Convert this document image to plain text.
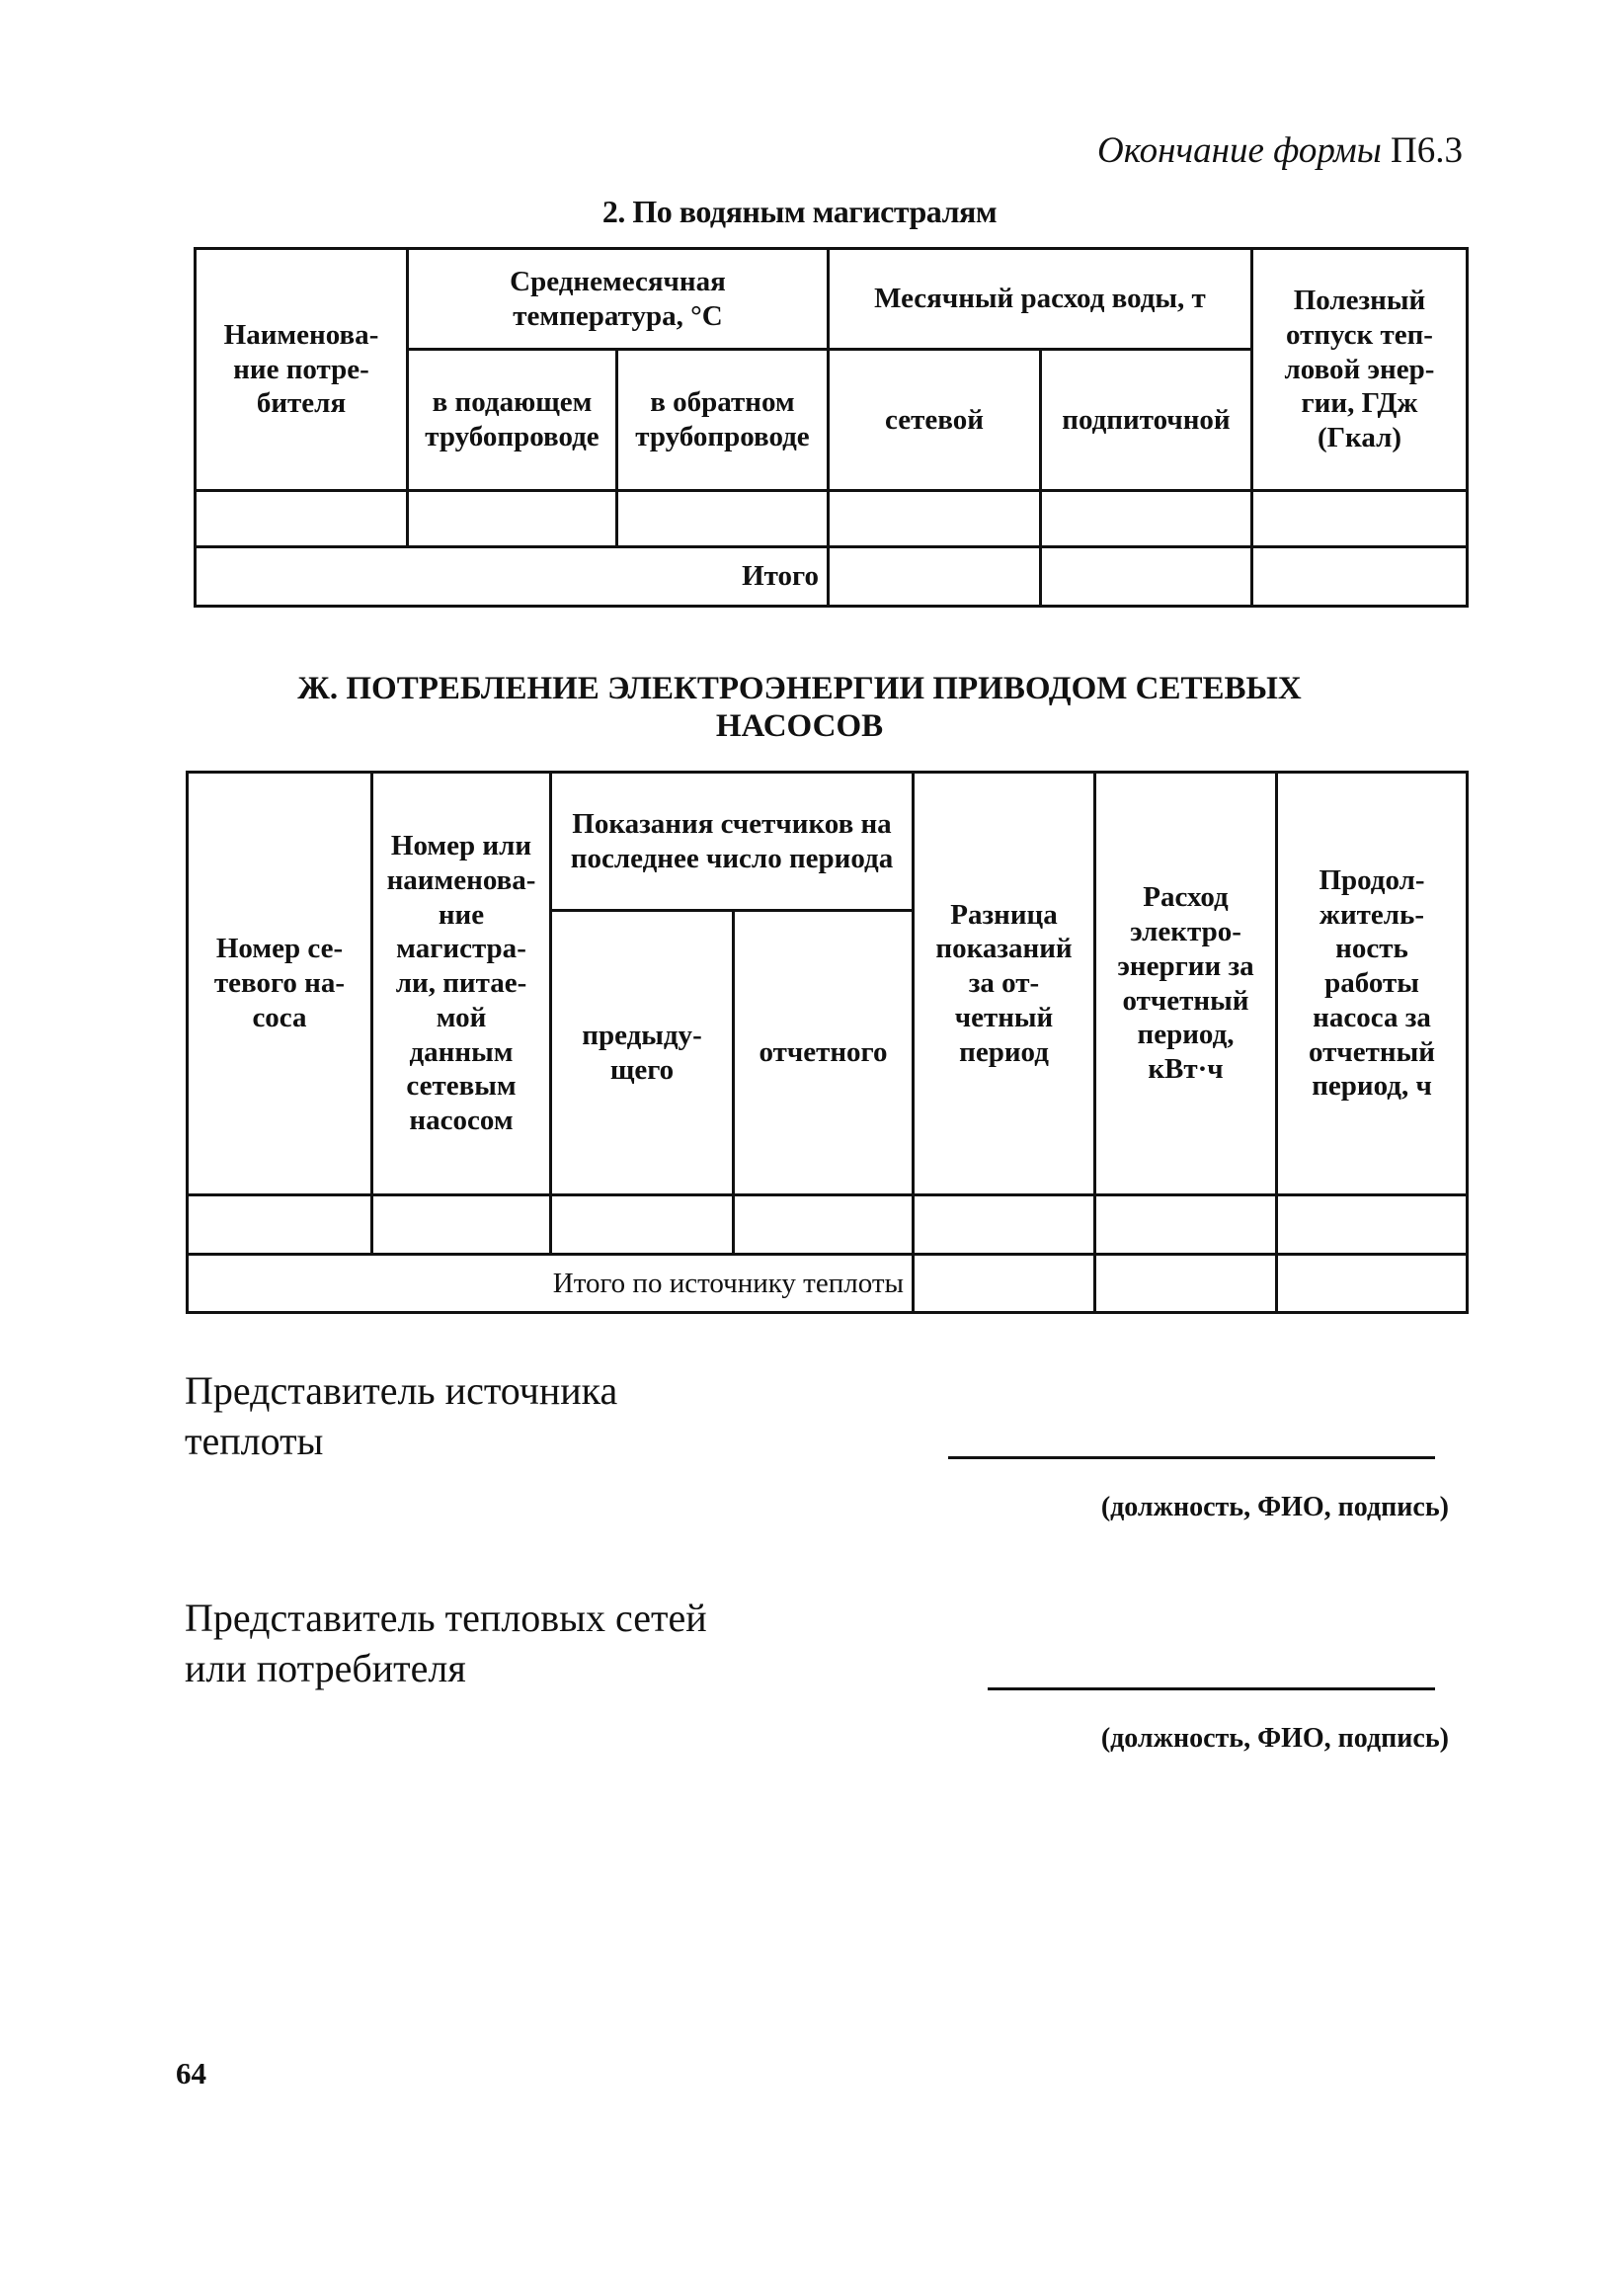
Окончание формы П6.3
2. По водяным магистралям
Наименование потребителя	Среднемесячная температура, °С		Месячный расход воды, т		Полезный отпуск тепловой энергии, ГДж (Гкал)
	в подающем трубопроводе	в обратном трубопроводе	сетевой	подпиточной	

Итого					
Ж. ПОТРЕБЛЕНИЕ ЭЛЕКТРОЭНЕРГИИ ПРИВОДОМ СЕТЕВЫХ
НАСОСОВ
Номер сетевого насоса	Номер или наименование магистрали, питаемой данным сетевым насосом	Показания счетчиков на последнее число периода		Разница показаний за отчетный период	Расход электроэнергии за отчетный период, кВт·ч	Продолжительность работы насоса за отчетный период, ч
		предыдущего	отчетного			

Итого по источнику теплоты						
Представитель источника
теплоты
(должность, ФИО, подпись)
Представитель тепловых сетей
или потребителя
(должность, ФИО, подпись)
64
